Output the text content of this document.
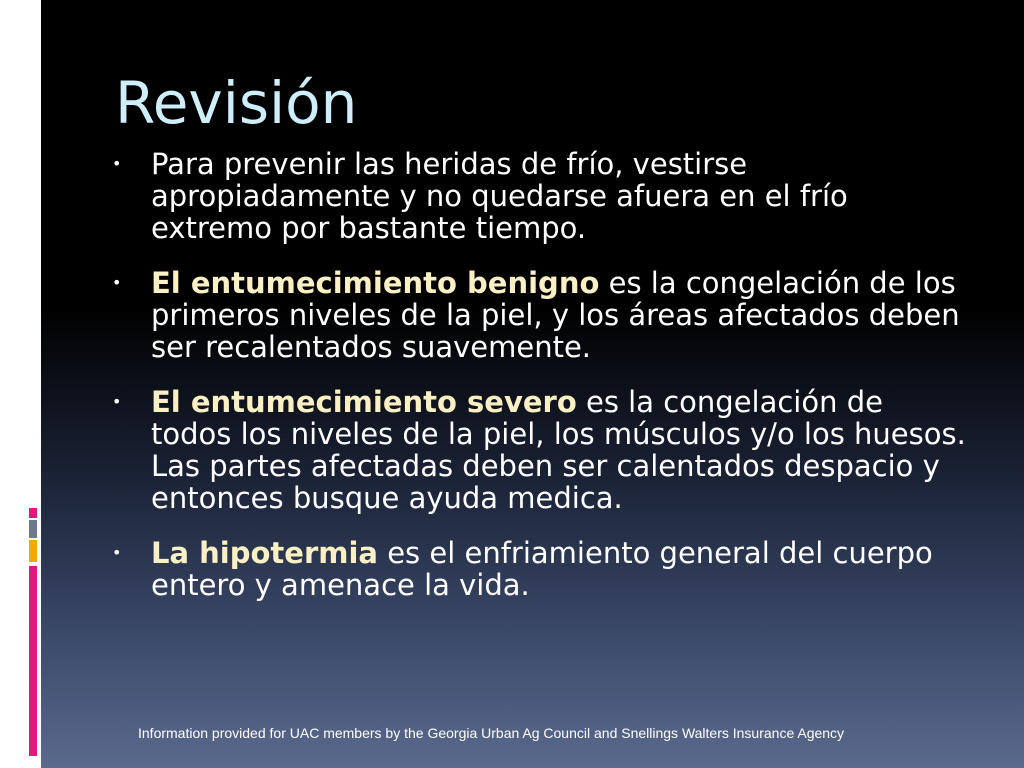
Revisión
• Para prevenir las heridas de frío, vestirse apropiadamente y no quedarse afuera en el frío extremo por bastante tiempo.
• El entumecimiento benigno es la congelación de los primeros niveles de la piel, y los áreas afectados deben ser recalentados suavemente.
• El entumecimiento severo es la congelación de todos los niveles de la piel, los músculos y/o los huesos. Las partes afectadas deben ser calentados despacio y entonces busque ayuda medica.
• La hipotermia es el enfriamiento general del cuerpo entero y amenace la vida.
Information provided for UAC members by the Georgia Urban Ag Council and Snellings Walters Insurance Agency
